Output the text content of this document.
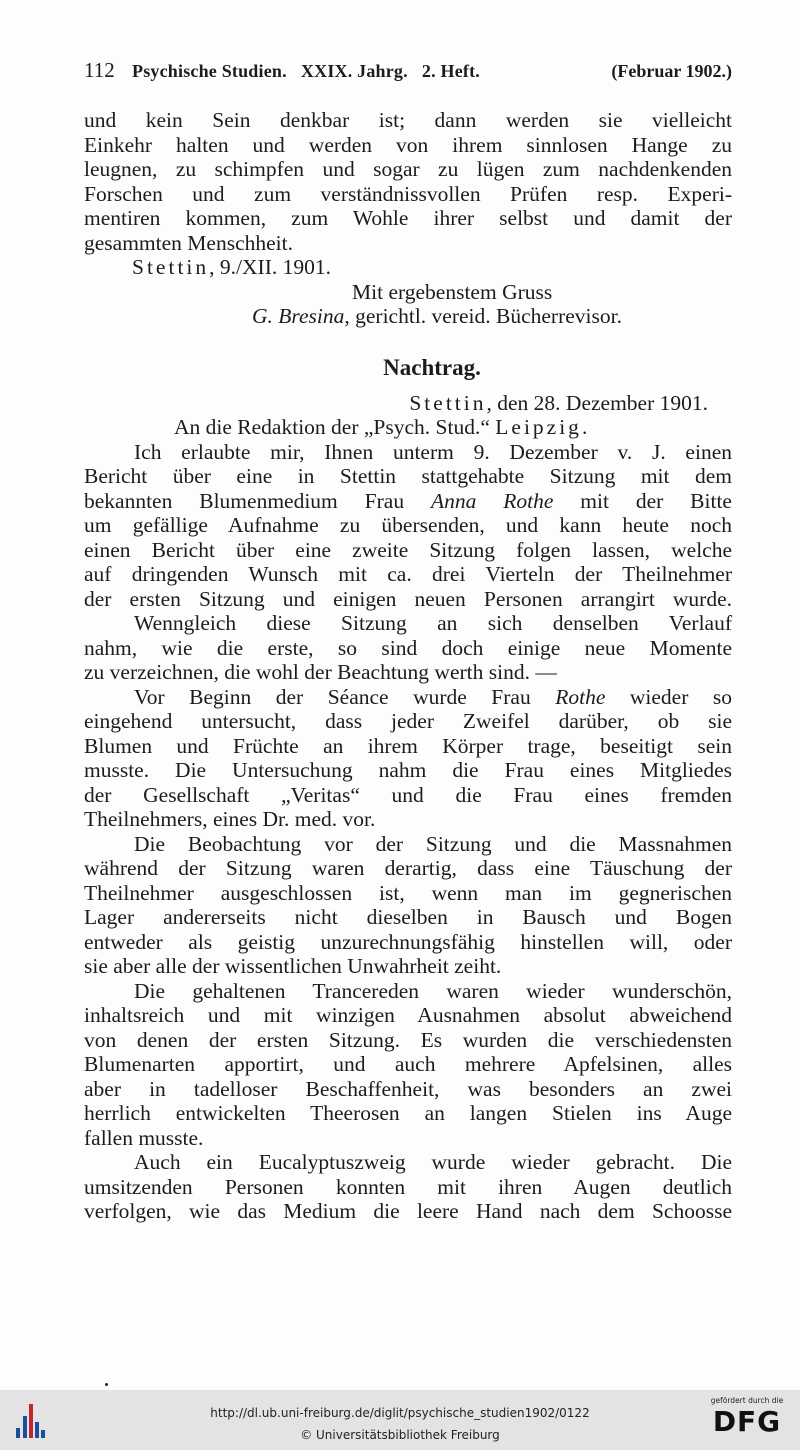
112 Psychische Studien.   XXIX. Jahrg.   2. Heft.	(Februar 1902.)
und kein Sein denkbar ist; dann werden sie vielleicht
Einkehr halten und werden von ihrem sinnlosen Hange zu
leugnen, zu schimpfen und sogar zu lügen zum nachdenkenden
Forschen und zum verständnissvollen Prüfen resp. Experi-
mentiren kommen, zum Wohle ihrer selbst und damit der
gesammten Menschheit.
Stettin, 9./XII. 1901.
Mit ergebenstem Gruss
G. Bresina, gerichtl. vereid. Bücherrevisor.
Nachtrag.
Stettin, den 28. Dezember 1901.
An die Redaktion der „Psych. Stud.“ Leipzig.
Ich erlaubte mir, Ihnen unterm 9. Dezember v. J. einen
Bericht über eine in Stettin stattgehabte Sitzung mit dem
bekannten Blumenmedium Frau Anna Rothe mit der Bitte
um gefällige Aufnahme zu übersenden, und kann heute noch
einen Bericht über eine zweite Sitzung folgen lassen, welche
auf dringenden Wunsch mit ca. drei Vierteln der Theilnehmer
der ersten Sitzung und einigen neuen Personen arrangirt wurde.
Wenngleich diese Sitzung an sich denselben Verlauf
nahm, wie die erste, so sind doch einige neue Momente
zu verzeichnen, die wohl der Beachtung werth sind. —
Vor Beginn der Séance wurde Frau Rothe wieder so
eingehend untersucht, dass jeder Zweifel darüber, ob sie
Blumen und Früchte an ihrem Körper trage, beseitigt sein
musste. Die Untersuchung nahm die Frau eines Mitgliedes
der Gesellschaft „Veritas“ und die Frau eines fremden
Theilnehmers, eines Dr. med. vor.
Die Beobachtung vor der Sitzung und die Massnahmen
während der Sitzung waren derartig, dass eine Täuschung der
Theilnehmer ausgeschlossen ist, wenn man im gegnerischen
Lager andererseits nicht dieselben in Bausch und Bogen
entweder als geistig unzurechnungsfähig hinstellen will, oder
sie aber alle der wissentlichen Unwahrheit zeiht.
Die gehaltenen Trancereden waren wieder wunderschön,
inhaltsreich und mit winzigen Ausnahmen absolut abweichend
von denen der ersten Sitzung. Es wurden die verschiedensten
Blumenarten apportirt, und auch mehrere Apfelsinen, alles
aber in tadelloser Beschaffenheit, was besonders an zwei
herrlich entwickelten Theerosen an langen Stielen ins Auge
fallen musste.
Auch ein Eucalyptuszweig wurde wieder gebracht. Die
umsitzenden Personen konnten mit ihren Augen deutlich
verfolgen, wie das Medium die leere Hand nach dem Schoosse
http://dl.ub.uni-freiburg.de/diglit/psychische_studien1902/0122
© Universitätsbibliothek Freiburg
gefördert durch die
DFG
